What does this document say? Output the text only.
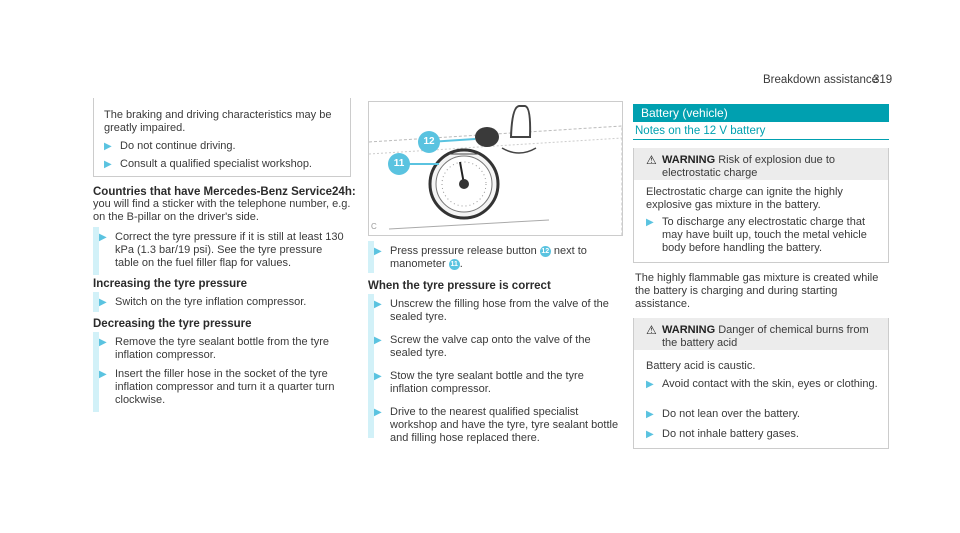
Breakdown assistance
319

The braking and driving characteristics may be greatly impaired.

▶ Do not continue driving.
▶ Consult a qualified specialist workshop.

Countries that have Mercedes-Benz Service24h:

you will find a sticker with the telephone number, e.g. on the B-pillar on the driver's side.

▶ Correct the tyre pressure if it is still at least 130 kPa (1.3 bar/19 psi). See the tyre pressure table on the fuel filler flap for values.

Increasing the tyre pressure

▶ Switch on the tyre inflation compressor.

Decreasing the tyre pressure

▶ Remove the tyre sealant bottle from the tyre inflation compressor.
▶ Insert the filler hose in the socket of the tyre inflation compressor and turn it a quarter turn clockwise.
12
11
C
▶ Press pressure release button 12 next to
manometer 11 .

When the tyre pressure is correct

▶ Unscrew the filling hose from the valve of the sealed tyre.
▶ Screw the valve cap onto the valve of the sealed tyre.
▶ Stow the tyre sealant bottle and the tyre inflation compressor.
▶ Drive to the nearest qualified specialist workshop and have the tyre, tyre sealant bottle and filling hose replaced there.
Battery (vehicle)

Notes on the 12 V battery

⚠ WARNING Risk of explosion due to electrostatic charge

Electrostatic charge can ignite the highly explosive gas mixture in the battery.

▶ To discharge any electrostatic charge that may have built up, touch the metal vehicle body before handling the battery.

The highly flammable gas mixture is created while the battery is charging and during starting assistance.

⚠ WARNING Danger of chemical burns from the battery acid

Battery acid is caustic.

▶ Avoid contact with the skin, eyes or clothing.
▶ Do not lean over the battery.
▶ Do not inhale battery gases.
